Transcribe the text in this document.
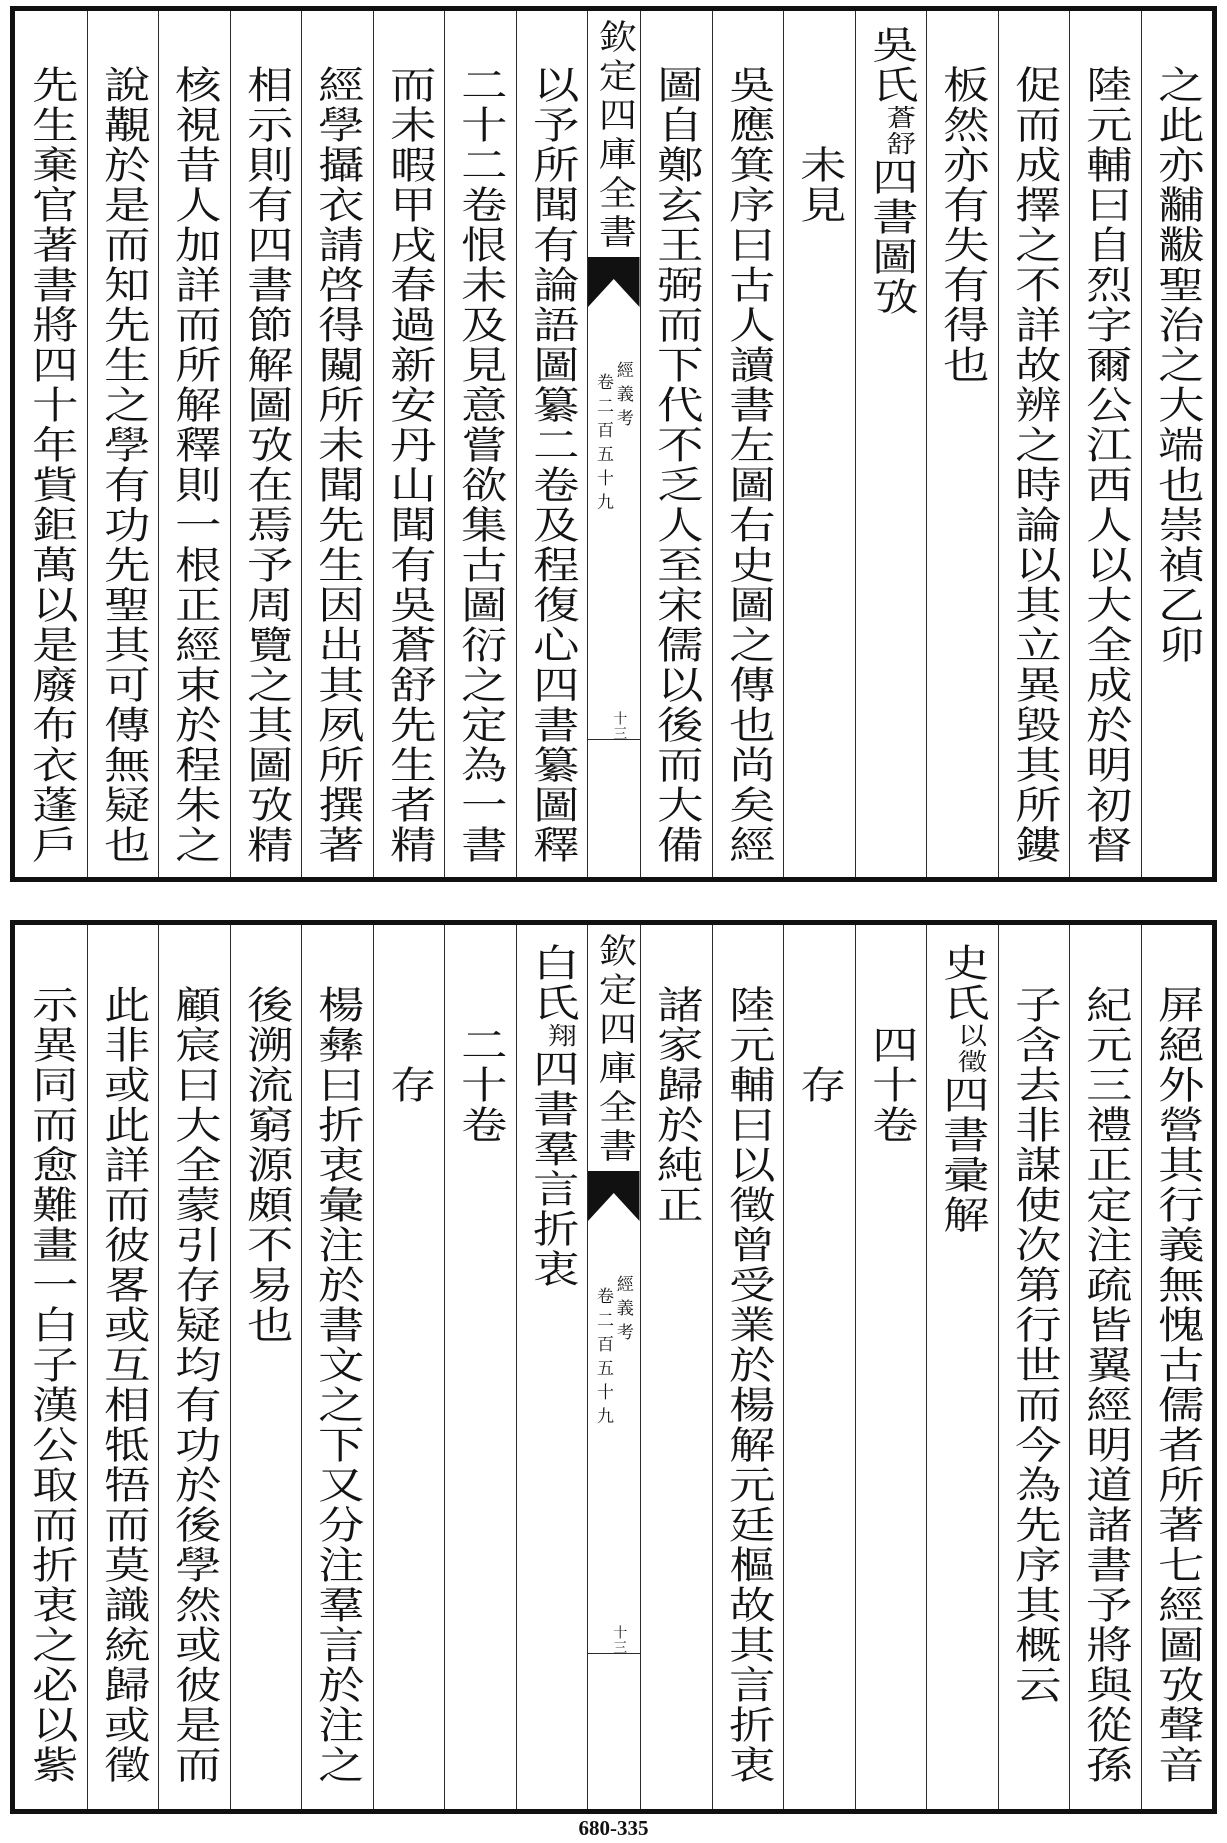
之此亦黼黻聖治之大端也崇禎乙卯
陸元輔曰自烈字爾公江西人以大全成於明初督
促而成擇之不詳故辨之時論以其立異毀其所鏤
板然亦有失有得也
吳氏蒼舒四書圖攷
未見
吳應箕序曰古人讀書左圖右史圖之傳也尚矣經
圖自鄭玄王弼而下代不乏人至宋儒以後而大備
欽定四庫全書
經義考
卷二百五十九
十三
以予所聞有論語圖纂二卷及程復心四書纂圖釋
二十二卷恨未及見意嘗欲集古圖衍之定為一書
而未暇甲戌春過新安丹山聞有吳蒼舒先生者精
經學攝衣請啓得闚所未聞先生因出其夙所撰著
相示則有四書節解圖攷在焉予周覽之其圖攷精
核視昔人加詳而所解釋則一根正經束於程朱之
說覯於是而知先生之學有功先聖其可傳無疑也
先生棄官著書將四十年貲鉅萬以是廢布衣蓬戶
屏絕外營其行義無愧古儒者所著七經圖攷聲音
紀元三禮正定注疏皆翼經明道諸書予將與從孫
子含去非謀使次第行世而今為先序其概云
史氏以徵四書彚解
四十卷
存
陸元輔曰以徵曾受業於楊解元廷樞故其言折衷
諸家歸於純正
欽定四庫全書
經義考
卷二百五十九
十三
白氏翔四書羣言折衷
二十卷
存
楊彝曰折衷彙注於書文之下又分注羣言於注之
後溯流窮源頗不易也
顧宸曰大全蒙引存疑均有功於後學然或彼是而
此非或此詳而彼畧或互相牴牾而莫識統歸或徵
示異同而愈難畫一白子漢公取而折衷之必以紫
680-335
